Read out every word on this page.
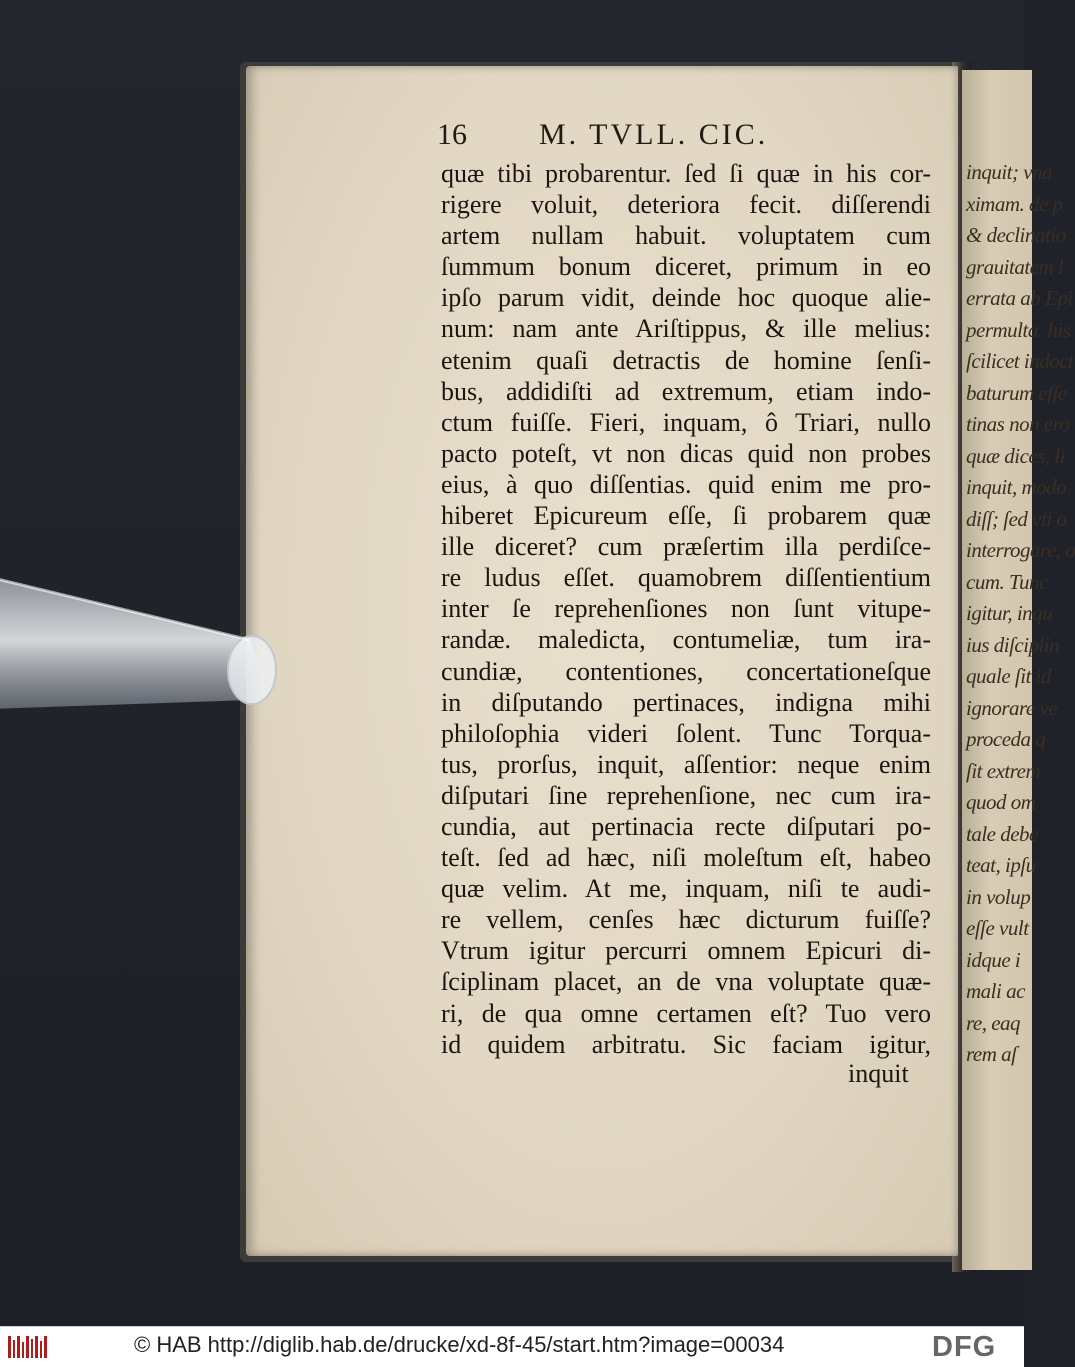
inquit; vna
ximam. de p
& declinatio
grauitatem l
errata ab Epi
permulta. his
ſcilicet indoct
baturum eſſe
tinas non ero
quæ dices, li
inquit, modo
diſſ; ſed vti o
interrogare, o
cum. Tunc
igitur, inqu
ius diſciplin
quale ſit id
ignorare ve
proceda q
ſit extrem
quod om
tale debe
teat, ipſu
in volup
eſſe vult
idque i
mali ac
re, eaq
rem aſ
16 M. TVLL. CIC.
quæ tibi probarentur. ſed ſi quæ in his cor-
rigere voluit, deteriora fecit. diſſerendi
artem nullam habuit. voluptatem cum
ſummum bonum diceret, primum in eo
ipſo parum vidit, deinde hoc quoque alie-
num: nam ante Ariſtippus, & ille melius:
etenim quaſi detractis de homine ſenſi-
bus, addidiſti ad extremum, etiam indo-
ctum fuiſſe. Fieri, inquam, ô Triari, nullo
pacto poteſt, vt non dicas quid non probes
eius, à quo diſſentias. quid enim me pro-
hiberet Epicureum eſſe, ſi probarem quæ
ille diceret? cum præſertim illa perdiſce-
re ludus eſſet. quamobrem diſſentientium
inter ſe reprehenſiones non ſunt vitupe-
randæ. maledicta, contumeliæ, tum ira-
cundiæ, contentiones, concertationeſque
in diſputando pertinaces, indigna mihi
philoſophia videri ſolent. Tunc Torqua-
tus, prorſus, inquit, aſſentior: neque enim
diſputari ſine reprehenſione, nec cum ira-
cundia, aut pertinacia recte diſputari po-
teſt. ſed ad hæc, niſi moleſtum eſt, habeo
quæ velim. At me, inquam, niſi te audi-
re vellem, cenſes hæc dicturum fuiſſe?
Vtrum igitur percurri omnem Epicuri di-
ſciplinam placet, an de vna voluptate quæ-
ri, de qua omne certamen eſt? Tuo vero
id quidem arbitratu. Sic faciam igitur,
inquit
© HAB http://diglib.hab.de/drucke/xd-8f-45/start.htm?image=00034	DFG
